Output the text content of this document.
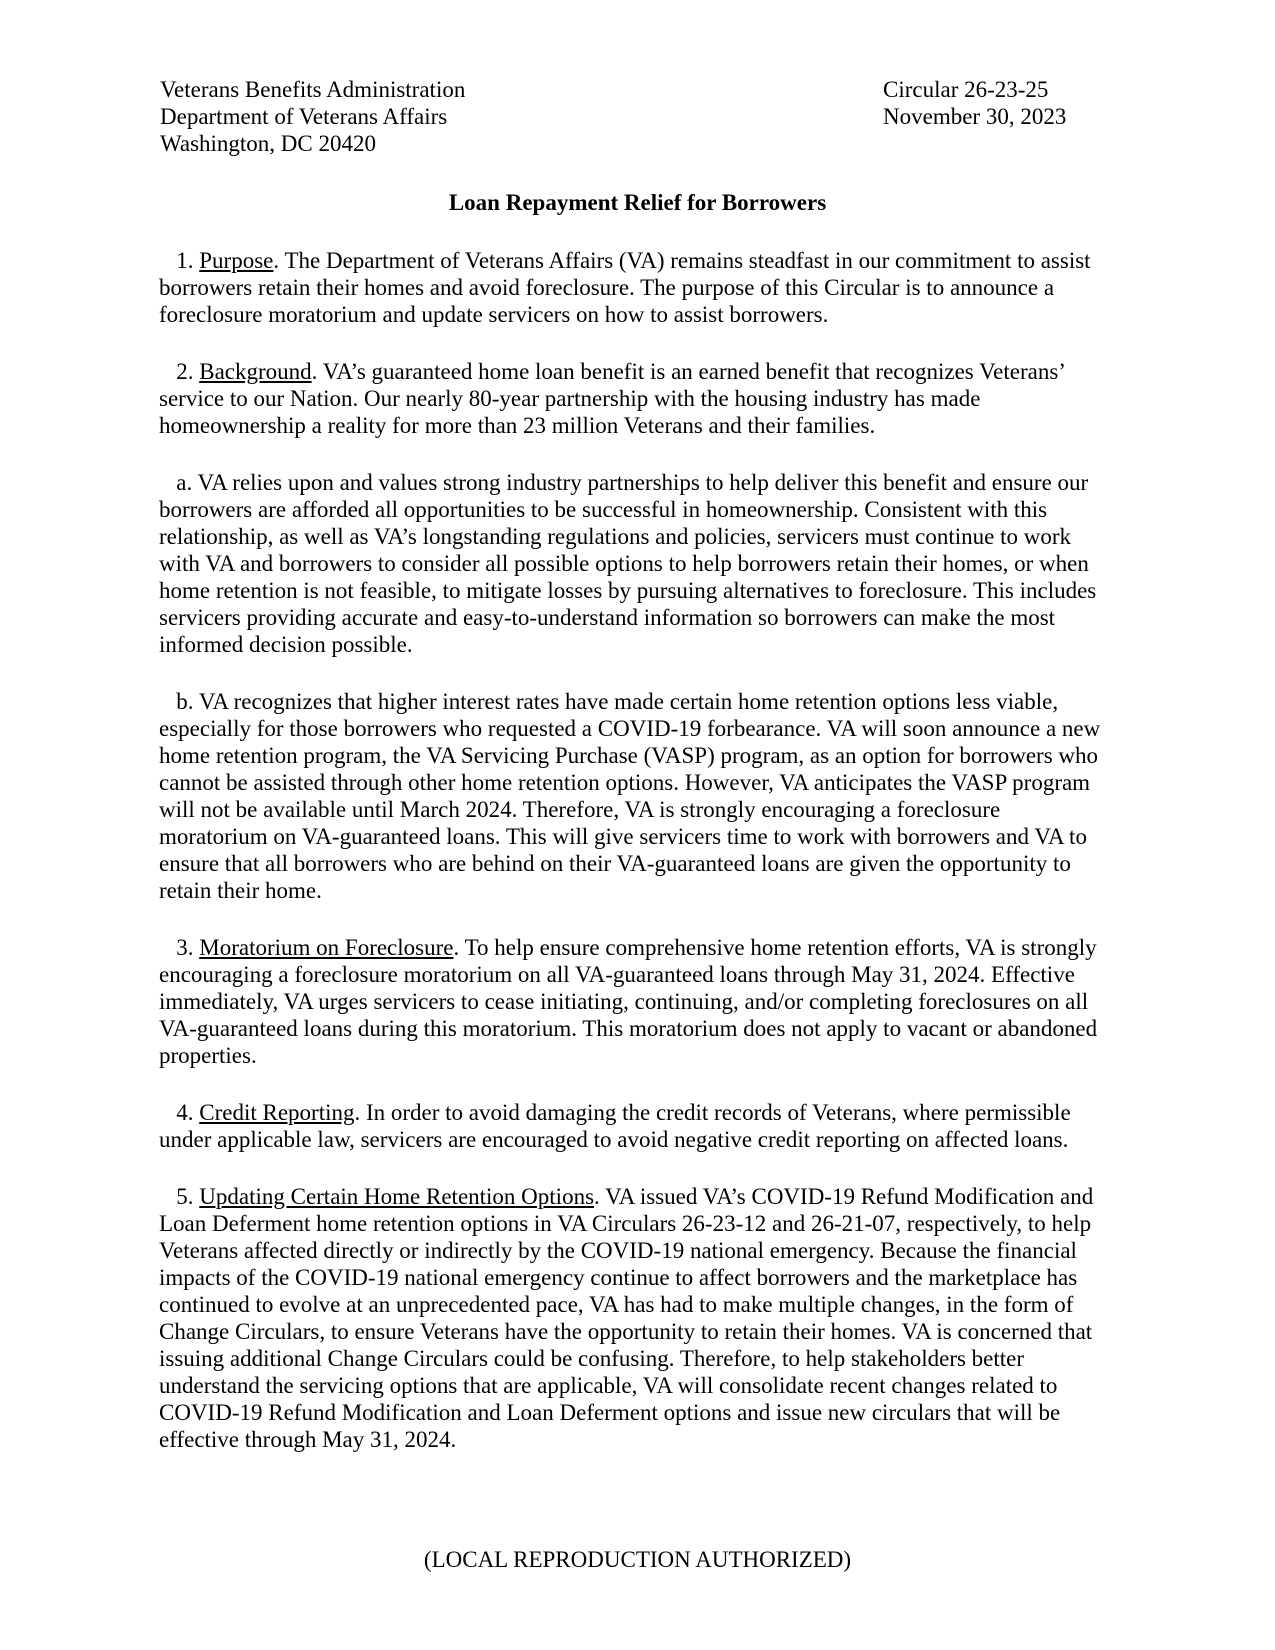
Veterans Benefits Administration
Department of Veterans Affairs
Washington, DC 20420
Circular 26-23-25
November 30, 2023
Loan Repayment Relief for Borrowers

1. Purpose. The Department of Veterans Affairs (VA) remains steadfast in our commitment to assist borrowers retain their homes and avoid foreclosure. The purpose of this Circular is to announce a foreclosure moratorium and update servicers on how to assist borrowers.

2. Background. VA’s guaranteed home loan benefit is an earned benefit that recognizes Veterans’ service to our Nation. Our nearly 80-year partnership with the housing industry has made homeownership a reality for more than 23 million Veterans and their families.

a. VA relies upon and values strong industry partnerships to help deliver this benefit and ensure our borrowers are afforded all opportunities to be successful in homeownership. Consistent with this relationship, as well as VA’s longstanding regulations and policies, servicers must continue to work with VA and borrowers to consider all possible options to help borrowers retain their homes, or when home retention is not feasible, to mitigate losses by pursuing alternatives to foreclosure. This includes servicers providing accurate and easy-to-understand information so borrowers can make the most informed decision possible.

b. VA recognizes that higher interest rates have made certain home retention options less viable, especially for those borrowers who requested a COVID-19 forbearance. VA will soon announce a new home retention program, the VA Servicing Purchase (VASP) program, as an option for borrowers who cannot be assisted through other home retention options. However, VA anticipates the VASP program will not be available until March 2024. Therefore, VA is strongly encouraging a foreclosure moratorium on VA-guaranteed loans. This will give servicers time to work with borrowers and VA to ensure that all borrowers who are behind on their VA-guaranteed loans are given the opportunity to retain their home.

3. Moratorium on Foreclosure. To help ensure comprehensive home retention efforts, VA is strongly encouraging a foreclosure moratorium on all VA-guaranteed loans through May 31, 2024. Effective immediately, VA urges servicers to cease initiating, continuing, and/or completing foreclosures on all VA-guaranteed loans during this moratorium. This moratorium does not apply to vacant or abandoned properties.

4. Credit Reporting. In order to avoid damaging the credit records of Veterans, where permissible under applicable law, servicers are encouraged to avoid negative credit reporting on affected loans.

5. Updating Certain Home Retention Options. VA issued VA’s COVID-19 Refund Modification and Loan Deferment home retention options in VA Circulars 26-23-12 and 26-21-07, respectively, to help Veterans affected directly or indirectly by the COVID-19 national emergency. Because the financial impacts of the COVID-19 national emergency continue to affect borrowers and the marketplace has continued to evolve at an unprecedented pace, VA has had to make multiple changes, in the form of Change Circulars, to ensure Veterans have the opportunity to retain their homes. VA is concerned that issuing additional Change Circulars could be confusing. Therefore, to help stakeholders better understand the servicing options that are applicable, VA will consolidate recent changes related to COVID-19 Refund Modification and Loan Deferment options and issue new circulars that will be effective through May 31, 2024.

(LOCAL REPRODUCTION AUTHORIZED)
